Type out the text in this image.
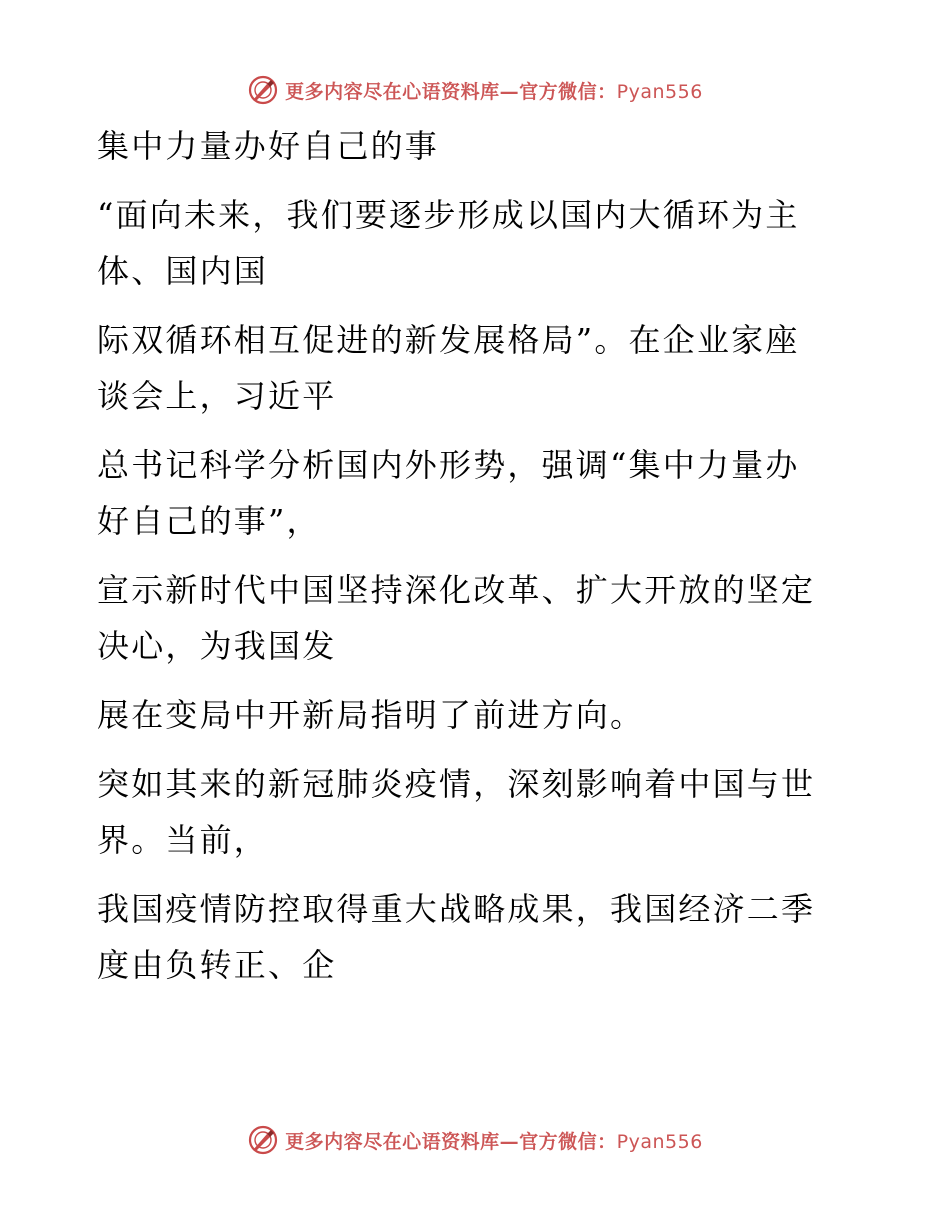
更多内容尽在心语资料库—官方微信：Pyan556
集中力量办好自己的事
“面向未来，我们要逐步形成以国内大循环为主
体、国内国
际双循环相互促进的新发展格局”。在企业家座
谈会上，习近平
总书记科学分析国内外形势，强调“集中力量办
好自己的事”，
宣示新时代中国坚持深化改革、扩大开放的坚定
决心，为我国发
展在变局中开新局指明了前进方向。
突如其来的新冠肺炎疫情，深刻影响着中国与世
界。当前，
我国疫情防控取得重大战略成果，我国经济二季
度由负转正、企
更多内容尽在心语资料库—官方微信：Pyan556
